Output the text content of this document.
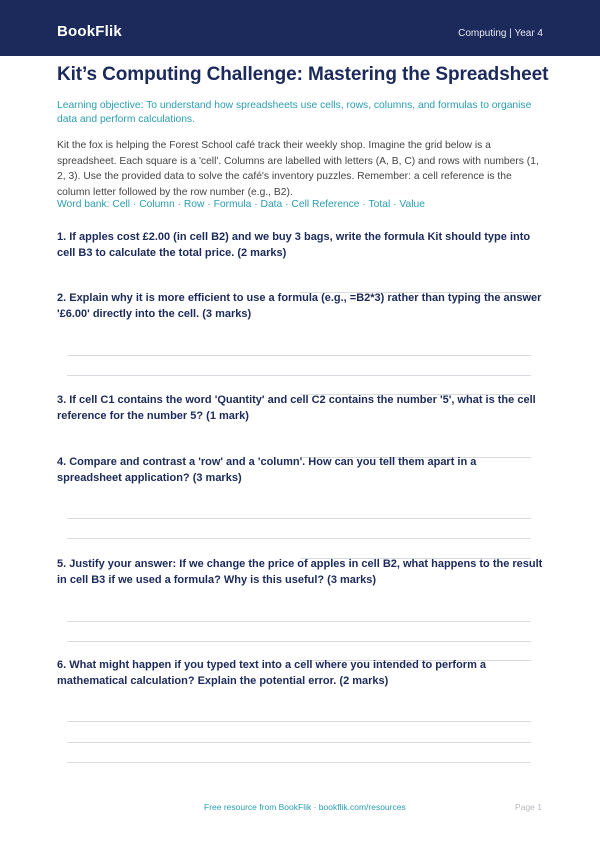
BookFlik	Computing | Year 4
Kit’s Computing Challenge: Mastering the Spreadsheet
Learning objective: To understand how spreadsheets use cells, rows, columns, and formulas to organise data and perform calculations.
Kit the fox is helping the Forest School café track their weekly shop. Imagine the grid below is a spreadsheet. Each square is a 'cell'. Columns are labelled with letters (A, B, C) and rows with numbers (1, 2, 3). Use the provided data to solve the café's inventory puzzles. Remember: a cell reference is the column letter followed by the row number (e.g., B2).
Word bank: Cell · Column · Row · Formula · Data · Cell Reference · Total · Value
1. If apples cost £2.00 (in cell B2) and we buy 3 bags, write the formula Kit should type into cell B3 to calculate the total price. (2 marks)
2. Explain why it is more efficient to use a formula (e.g., =B2*3) rather than typing the answer '£6.00' directly into the cell. (3 marks)
3. If cell C1 contains the word 'Quantity' and cell C2 contains the number '5', what is the cell reference for the number 5? (1 mark)
4. Compare and contrast a 'row' and a 'column'. How can you tell them apart in a spreadsheet application? (3 marks)
5. Justify your answer: If we change the price of apples in cell B2, what happens to the result in cell B3 if we used a formula? Why is this useful? (3 marks)
6. What might happen if you typed text into a cell where you intended to perform a mathematical calculation? Explain the potential error. (2 marks)
Free resource from BookFlik · bookflik.com/resources	Page 1
